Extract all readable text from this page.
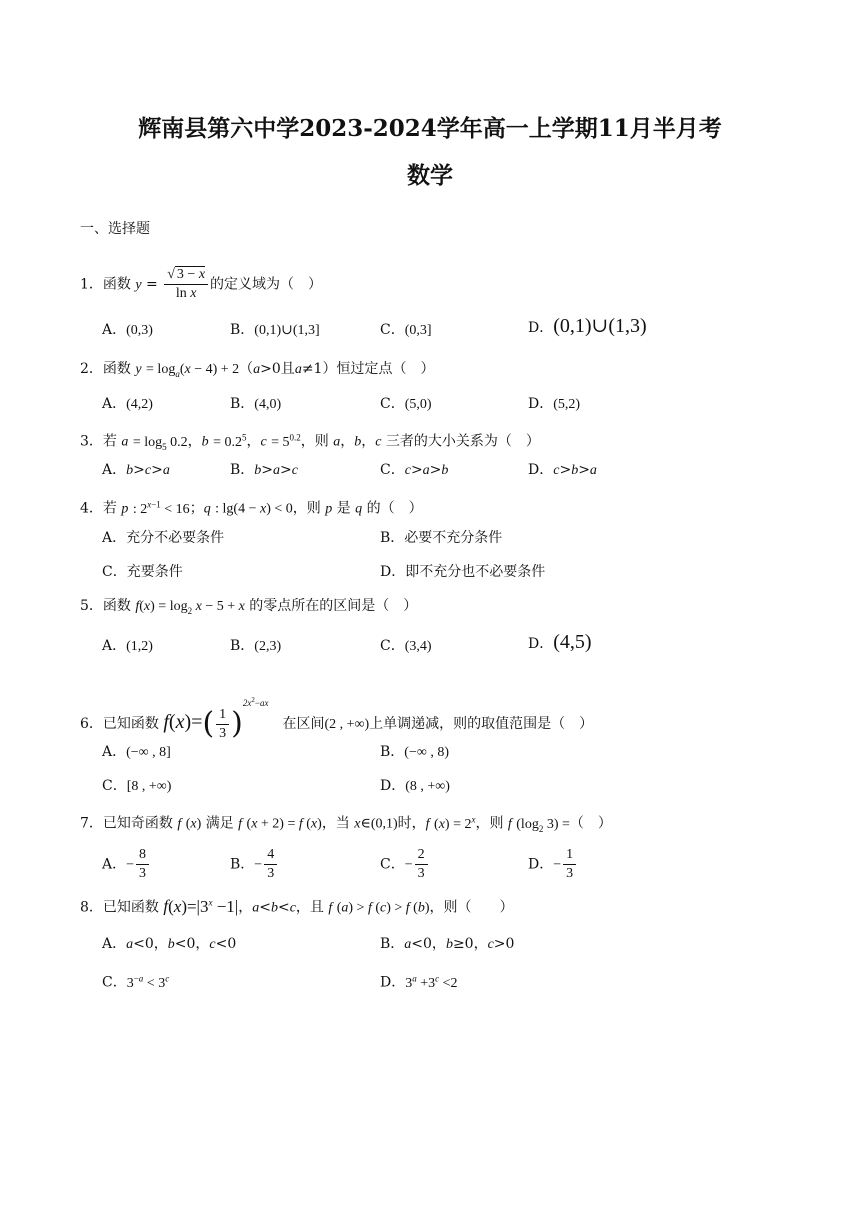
辉南县第六中学2023-2024学年高一上学期11月半月考
数学
一、选择题
1．函数 $y = \frac{√ 3 - x}{\text{ln x}}$ 的定义域为（　）
A．(0,3)	B．(0,1)∪(1,3]	C．(0,3]	D．(0,1)∪(1,3)
2．函数 $y = \log_a(x - 4) + 2(a>0$且a≠1）恒过定点（　）
A．(4,2)	B．(4,0)	C．(5,0)	D．(5,2)
3．若 $a = \log_5 0.2$，$b = 0.2^5$，$c = 5^{0.2}$，则 a，b，c 三者的大小关系为（　）
A．b>c>a	B．b>a>c	C．c>a>b	D．c>b>a
4．若 p : $2^{x-1} < 16$；q : lg(4 − x) < 0，则 p 是 q 的（　）
A．充分不必要条件	B．必要不充分条件
C．充要条件	D．即不充分也不必要条件
5．函数 $f(x) = \log_2 x - 5 + x$ 的零点所在的区间是（　）
A．(1,2)	B．(2,3)	C．(3,4)	D．(4,5)
6．已知函数 $f(x)=( \frac{1}{3} )^{2x^2-ax}$　在区间(2 , +∞)上单调递减，则的取值范围是（　）
A．(−∞ , 8]	B．(−∞ , 8)
C．[8 , +∞)	D．(8 , +∞)
7．已知奇函数 f (x) 满足 f (x + 2) = f (x)，当 x∈(0,1)时，f $(x) = 2^x$，则 f ($\log_2$ 3) =（　）
A．− $\frac{8}{3}$	B．− $\frac{4}{3}$	C．− $\frac{2}{3}$	D．− $\frac{1}{3}$
8．已知函数 $f(x)=|3^x -1|$，a<b<c，且 f (a) > f (c) > f (b)，则（　　）
A．a<0，b<0，c<0	B．a<0，b≥0，c>0
C．$3^{-a} < 3^c$	D．$3^a +3^c <2$
